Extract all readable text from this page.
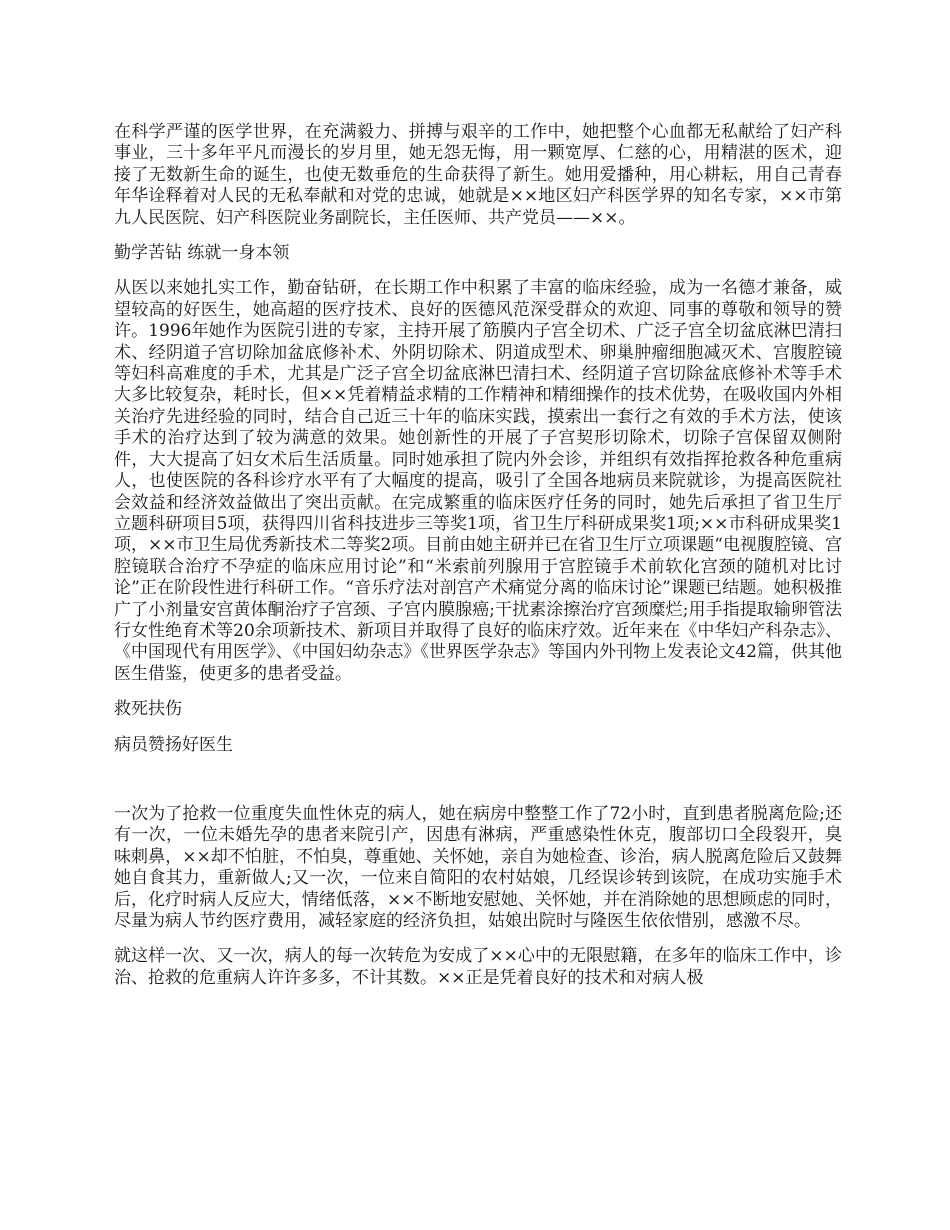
在科学严谨的医学世界，在充满毅力、拼搏与艰辛的工作中，她把整个心血都无私献给了妇产科事业，三十多年平凡而漫长的岁月里，她无怨无悔，用一颗宽厚、仁慈的心，用精湛的医术，迎接了无数新生命的诞生，也使无数垂危的生命获得了新生。她用爱播种，用心耕耘，用自己青春年华诠释着对人民的无私奉献和对党的忠诚，她就是××地区妇产科医学界的知名专家，××市第九人民医院、妇产科医院业务副院长，主任医师、共产党员——××。

勤学苦钻 练就一身本领

从医以来她扎实工作，勤奋钻研，在长期工作中积累了丰富的临床经验，成为一名德才兼备，威望较高的好医生，她高超的医疗技术、良好的医德风范深受群众的欢迎、同事的尊敬和领导的赞许。1996年她作为医院引进的专家，主持开展了筋膜内子宫全切术、广泛子宫全切盆底淋巴清扫术、经阴道子宫切除加盆底修补术、外阴切除术、阴道成型术、卵巢肿瘤细胞减灭术、宫腹腔镜等妇科高难度的手术，尤其是广泛子宫全切盆底淋巴清扫术、经阴道子宫切除盆底修补术等手术大多比较复杂，耗时长，但××凭着精益求精的工作精神和精细操作的技术优势，在吸收国内外相关治疗先进经验的同时，结合自己近三十年的临床实践，摸索出一套行之有效的手术方法，使该手术的治疗达到了较为满意的效果。她创新性的开展了子宫契形切除术，切除子宫保留双侧附件，大大提高了妇女术后生活质量。同时她承担了院内外会诊，并组织有效指挥抢救各种危重病人，也使医院的各科诊疗水平有了大幅度的提高，吸引了全国各地病员来院就诊，为提高医院社会效益和经济效益做出了突出贡献。在完成繁重的临床医疗任务的同时，她先后承担了省卫生厅立题科研项目5项，获得四川省科技进步三等奖1项，省卫生厅科研成果奖1项;××市科研成果奖1项，××市卫生局优秀新技术二等奖2项。目前由她主研并已在省卫生厅立项课题“电视腹腔镜、宫腔镜联合治疗不孕症的临床应用讨论”和“米索前列腺用于宫腔镜手术前软化宫颈的随机对比讨论”正在阶段性进行科研工作。“音乐疗法对剖宫产术痛觉分离的临床讨论”课题已结题。她积极推广了小剂量安宫黄体酮治疗子宫颈、子宫内膜腺癌;干扰素涂擦治疗宫颈糜烂;用手指提取输卵管法行女性绝育术等20余项新技术、新项目并取得了良好的临床疗效。近年来在《中华妇产科杂志》、《中国现代有用医学》、《中国妇幼杂志》《世界医学杂志》等国内外刊物上发表论文42篇，供其他医生借鉴，使更多的患者受益。

救死扶伤

病员赞扬好医生

一次为了抢救一位重度失血性休克的病人，她在病房中整整工作了72小时，直到患者脱离危险;还有一次，一位未婚先孕的患者来院引产，因患有淋病，严重感染性休克，腹部切口全段裂开，臭味刺鼻，××却不怕脏，不怕臭，尊重她、关怀她，亲自为她检查、诊治，病人脱离危险后又鼓舞她自食其力，重新做人;又一次，一位来自简阳的农村姑娘，几经误诊转到该院，在成功实施手术后，化疗时病人反应大，情绪低落，××不断地安慰她、关怀她，并在消除她的思想顾虑的同时，尽量为病人节约医疗费用，减轻家庭的经济负担，姑娘出院时与隆医生依依惜别，感激不尽。

就这样一次、又一次，病人的每一次转危为安成了××心中的无限慰籍，在多年的临床工作中，诊治、抢救的危重病人许许多多，不计其数。××正是凭着良好的技术和对病人极
